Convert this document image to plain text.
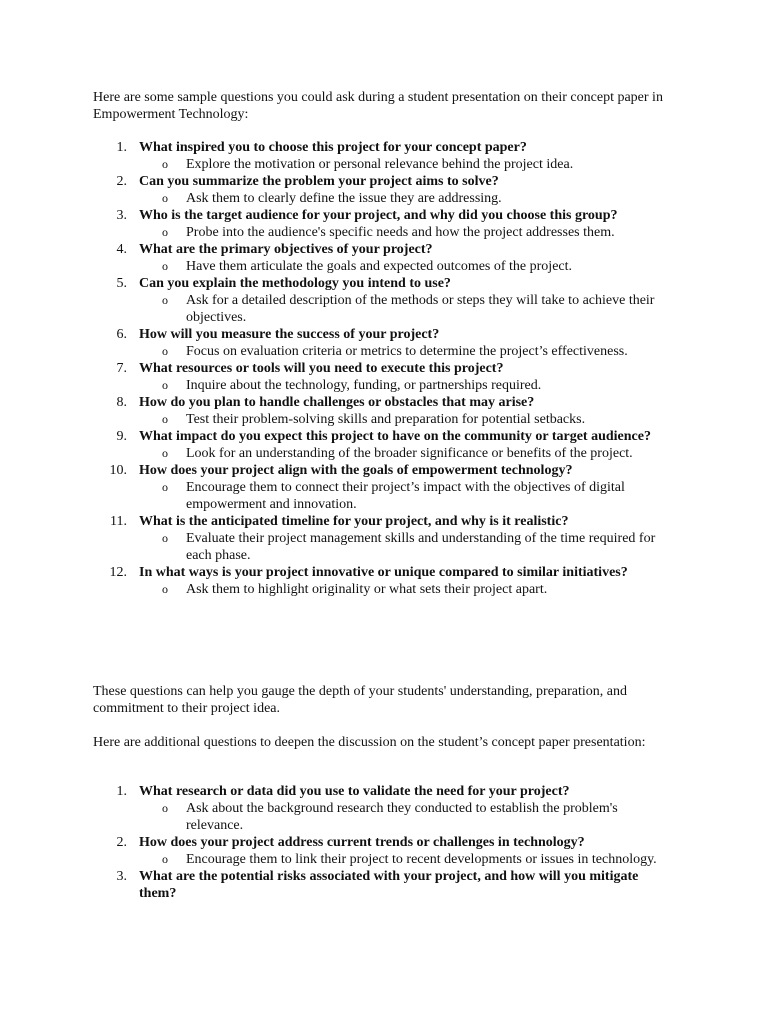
Here are some sample questions you could ask during a student presentation on their concept paper in Empowerment Technology:

1. What inspired you to choose this project for your concept paper?
o	Explore the motivation or personal relevance behind the project idea.
2. Can you summarize the problem your project aims to solve?
o	Ask them to clearly define the issue they are addressing.
3. Who is the target audience for your project, and why did you choose this group?
o	Probe into the audience's specific needs and how the project addresses them.
4. What are the primary objectives of your project?
o	Have them articulate the goals and expected outcomes of the project.
5. Can you explain the methodology you intend to use?
o	Ask for a detailed description of the methods or steps they will take to achieve their objectives.
6. How will you measure the success of your project?
o	Focus on evaluation criteria or metrics to determine the project’s effectiveness.
7. What resources or tools will you need to execute this project?
o	Inquire about the technology, funding, or partnerships required.
8. How do you plan to handle challenges or obstacles that may arise?
o	Test their problem-solving skills and preparation for potential setbacks.
9. What impact do you expect this project to have on the community or target audience?
o	Look for an understanding of the broader significance or benefits of the project.
10. How does your project align with the goals of empowerment technology?
o	Encourage them to connect their project’s impact with the objectives of digital empowerment and innovation.
11. What is the anticipated timeline for your project, and why is it realistic?
o	Evaluate their project management skills and understanding of the time required for each phase.
12. In what ways is your project innovative or unique compared to similar initiatives?
o	Ask them to highlight originality or what sets their project apart.

These questions can help you gauge the depth of your students' understanding, preparation, and commitment to their project idea.

Here are additional questions to deepen the discussion on the student’s concept paper presentation:

1. What research or data did you use to validate the need for your project?
o	Ask about the background research they conducted to establish the problem's relevance.
2. How does your project address current trends or challenges in technology?
o	Encourage them to link their project to recent developments or issues in technology.
3. What are the potential risks associated with your project, and how will you mitigate them?
